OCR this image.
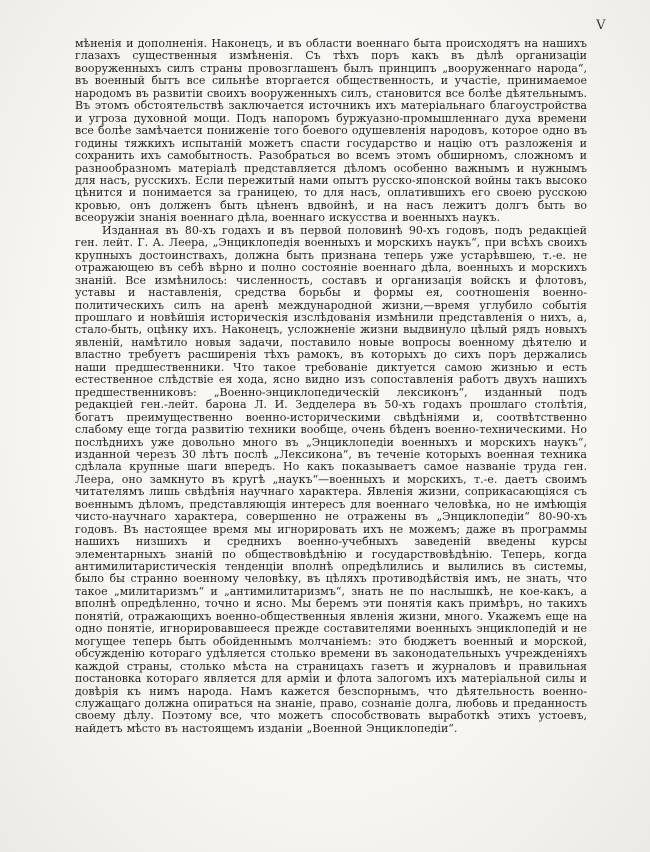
V

мѣненія и дополненія. Наконецъ, и въ области военнаго быта происходятъ на нашихъ глазахъ существенныя измѣненія. Съ тѣхъ поръ какъ въ дѣлѣ организаціи вооруженныхъ силъ страны провозглашенъ былъ принципъ „вооруженнаго народа“, въ военный бытъ все сильнѣе вторгается общественность, и участіе, принимаемое народомъ въ развитіи своихъ вооруженныхъ силъ, становится все болѣе дѣятельнымъ. Въ этомъ обстоятельствѣ заключается источникъ ихъ матеріальнаго благоустройства и угроза духовной мощи. Подъ напоромъ буржуазно-промышленнаго духа времени все болѣе замѣчается пониженіе того боевого одушевленія народовъ, которое одно въ годины тяжкихъ испытаній можетъ спасти государство и націю отъ разложенія и сохранить ихъ самобытность. Разобраться во всемъ этомъ обширномъ, сложномъ и разнообразномъ матеріалѣ представляется дѣломъ особенно важнымъ и нужнымъ для насъ, русскихъ. Если пережитый нами опытъ русско-японской войны такъ высоко цѣнится и понимается за границею, то для насъ, оплатившихъ его своею русскою кровью, онъ долженъ быть цѣненъ вдвойнѣ, и на насъ лежитъ долгъ быть во всеоружіи знанія военнаго дѣла, военнаго искусства и военныхъ наукъ.

Изданная въ 80-хъ годахъ и въ первой половинѣ 90-хъ годовъ, подъ редакціей ген. лейт. Г. А. Леера, „Энциклопедія военныхъ и морскихъ наукъ“, при всѣхъ своихъ крупныхъ достоинствахъ, должна быть признана теперь уже устарѣвшею, т.-е. не отражающею въ себѣ вѣрно и полно состояніе военнаго дѣла, военныхъ и морскихъ знаній. Все измѣнилось: численность, составъ и организація войскъ и флотовъ, уставы и наставленія, средства борьбы и формы ея, соотношенія военно-политическихъ силъ на аренѣ международной жизни,—время углубило событія прошлаго и новѣйшія историческія изслѣдованія измѣнили представленія о нихъ, а, стало-быть, оцѣнку ихъ. Наконецъ, усложненіе жизни выдвинуло цѣлый рядъ новыхъ явленій, намѣтило новыя задачи, поставило новые вопросы военному дѣятелю и властно требуетъ расширенія тѣхъ рамокъ, въ которыхъ до сихъ поръ держались наши предшественники. Что такое требованіе диктуется самою жизнью и есть естественное слѣдствіе ея хода, ясно видно изъ сопоставленія работъ двухъ нашихъ предшественниковъ: „Военно-энциклопедическій лексиконъ“, изданный подъ редакціей ген.-лейт. барона Л. И. Зедделера въ 50-хъ годахъ прошлаго столѣтія, богатъ преимущественно военно-историческими свѣдѣніями и, соотвѣтственно слабому еще тогда развитію техники вообще, очень бѣденъ военно-техническими. Но послѣднихъ уже довольно много въ „Энциклопедіи военныхъ и морскихъ наукъ“, изданной черезъ 30 лѣтъ послѣ „Лексикона“, въ теченіе которыхъ военная техника сдѣлала крупные шаги впередъ. Но какъ показываетъ самое названіе труда ген. Леера, оно замкнуто въ кругѣ „наукъ“—военныхъ и морскихъ, т.-е. даетъ своимъ читателямъ лишь свѣдѣнія научнаго характера. Явленія жизни, соприкасающіяся съ военнымъ дѣломъ, представляющія интересъ для военнаго человѣка, но не имѣющія чисто-научнаго характера, совершенно не отражены въ „Энциклопедіи“ 80-90-хъ годовъ. Въ настоящее время мы игнорировать ихъ не можемъ; даже въ программы нашихъ низшихъ и среднихъ военно-учебныхъ заведеній введены курсы элементарныхъ знаній по обществовѣдѣнію и государствовѣдѣнію. Теперь, когда антимилитаристическія тенденціи вполнѣ опредѣлились и вылились въ системы, было бы странно военному человѣку, въ цѣляхъ противодѣйствія имъ, не знать, что такое „милитаризмъ“ и „антимилитаризмъ“, знать не по наслышкѣ, не кое-какъ, а вполнѣ опредѣленно, точно и ясно. Мы беремъ эти понятія какъ примѣръ, но такихъ понятій, отражающихъ военно-общественныя явленія жизни, много. Укажемъ еще на одно понятіе, игнорировавшееся прежде составителями военныхъ энциклопедій и не могущее теперь быть обойденнымъ молчаніемъ: это бюджетъ военный и морской, обсужденію котораго удѣляется столько времени въ законодательныхъ учрежденіяхъ каждой страны, столько мѣста на страницахъ газетъ и журналовъ и правильная постановка котораго является для арміи и флота залогомъ ихъ матеріальной силы и довѣрія къ нимъ народа. Намъ кажется безспорнымъ, что дѣятельность военно-служащаго должна опираться на знаніе, право, сознаніе долга, любовь и преданность своему дѣлу. Поэтому все, что можетъ способствовать выработкѣ этихъ устоевъ, найдетъ мѣсто въ настоящемъ изданіи „Военной Энциклопедіи“.
